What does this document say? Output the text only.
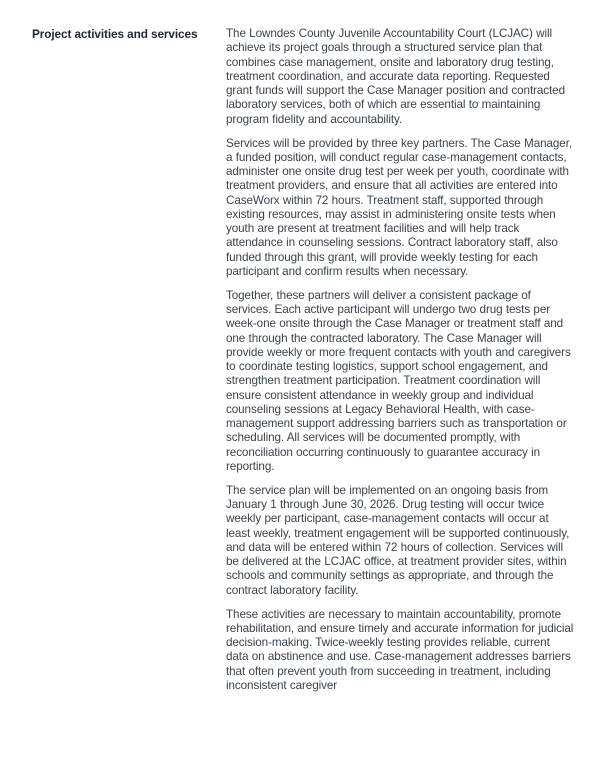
Project activities and services	The Lowndes County Juvenile Accountability Court (LCJAC) will achieve its project goals through a structured service plan that combines case management, onsite and laboratory drug testing, treatment coordination, and accurate data reporting. Requested grant funds will support the Case Manager position and contracted laboratory services, both of which are essential to maintaining program fidelity and accountability.

Services will be provided by three key partners. The Case Manager, a funded position, will conduct regular case-management contacts, administer one onsite drug test per week per youth, coordinate with treatment providers, and ensure that all activities are entered into CaseWorx within 72 hours. Treatment staff, supported through existing resources, may assist in administering onsite tests when youth are present at treatment facilities and will help track attendance in counseling sessions. Contract laboratory staff, also funded through this grant, will provide weekly testing for each participant and confirm results when necessary.

Together, these partners will deliver a consistent package of services. Each active participant will undergo two drug tests per week-one onsite through the Case Manager or treatment staff and one through the contracted laboratory. The Case Manager will provide weekly or more frequent contacts with youth and caregivers to coordinate testing logistics, support school engagement, and strengthen treatment participation. Treatment coordination will ensure consistent attendance in weekly group and individual counseling sessions at Legacy Behavioral Health, with case-management support addressing barriers such as transportation or scheduling. All services will be documented promptly, with reconciliation occurring continuously to guarantee accuracy in reporting.

The service plan will be implemented on an ongoing basis from January 1 through June 30, 2026. Drug testing will occur twice weekly per participant, case-management contacts will occur at least weekly, treatment engagement will be supported continuously, and data will be entered within 72 hours of collection. Services will be delivered at the LCJAC office, at treatment provider sites, within schools and community settings as appropriate, and through the contract laboratory facility.

These activities are necessary to maintain accountability, promote rehabilitation, and ensure timely and accurate information for judicial decision-making. Twice-weekly testing provides reliable, current data on abstinence and use. Case-management addresses barriers that often prevent youth from succeeding in treatment, including inconsistent caregiver
